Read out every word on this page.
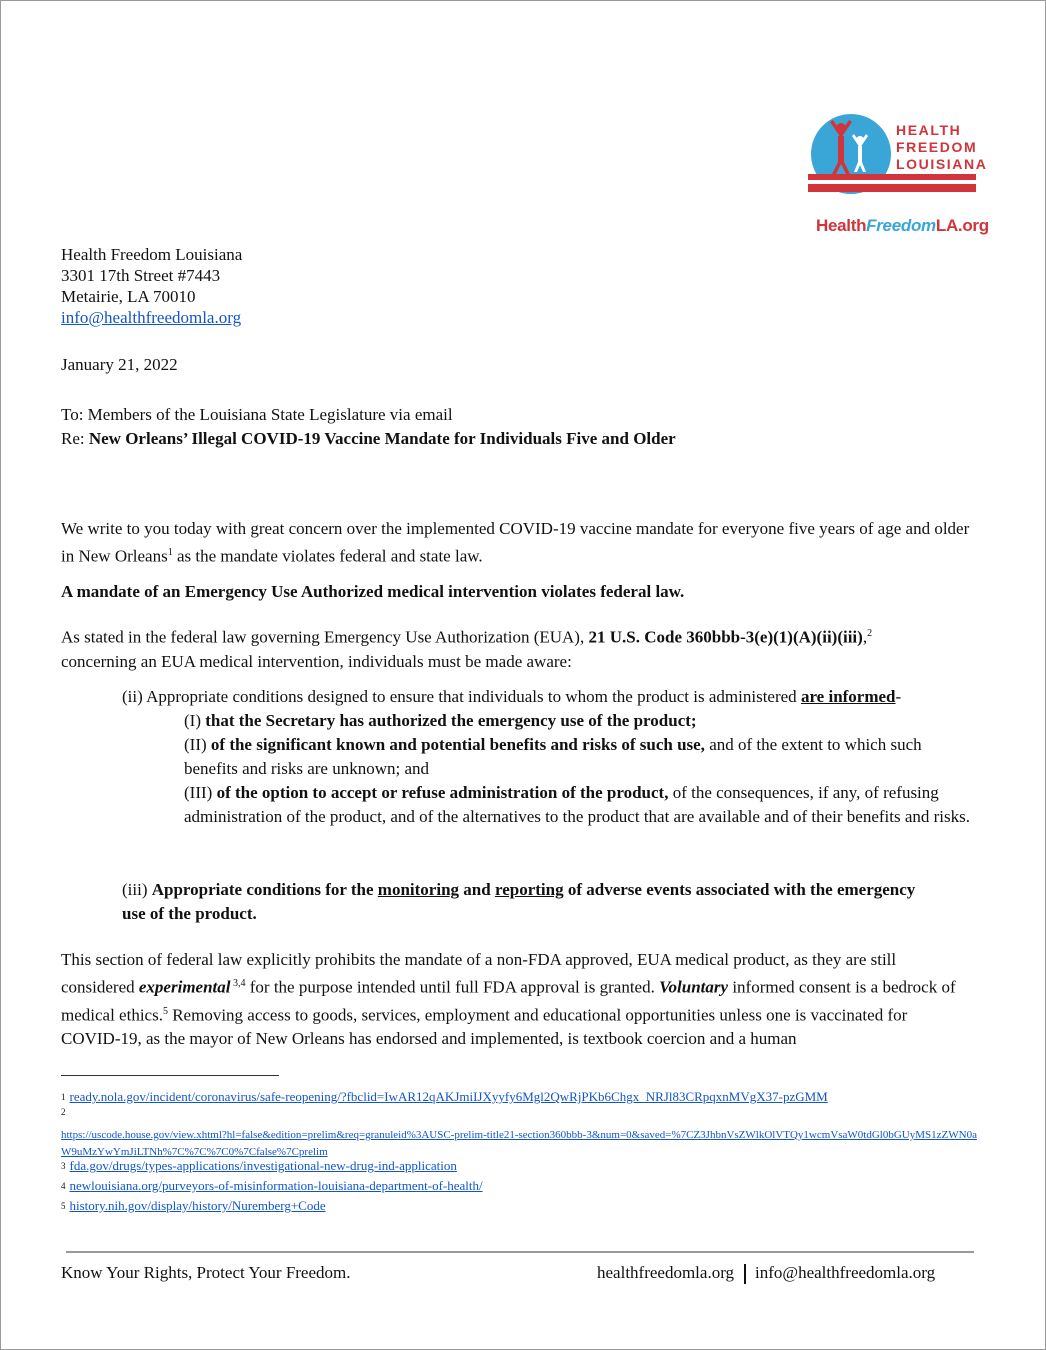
HEALTH
FREEDOM
LOUISIANA
HealthFreedomLA.org
Health Freedom Louisiana
3301 17th Street #7443
Metairie, LA 70010
info@healthfreedomla.org
January 21, 2022
To: Members of the Louisiana State Legislature via email
Re: New Orleans’ Illegal COVID-19 Vaccine Mandate for Individuals Five and Older
We write to you today with great concern over the implemented COVID-19 vaccine mandate for everyone five years of age and older in New Orleans$^1$ as the mandate violates federal and state law.
A mandate of an Emergency Use Authorized medical intervention violates federal law.
As stated in the federal law governing Emergency Use Authorization (EUA), 21 U.S. Code 360bbb-3(e)(1)(A)(ii)(iii),$^2$
concerning an EUA medical intervention, individuals must be made aware:
(ii) Appropriate conditions designed to ensure that individuals to whom the product is administered are informed-
(I) that the Secretary has authorized the emergency use of the product;
(II) of the significant known and potential benefits and risks of such use, and of the extent to which such benefits and risks are unknown; and
(III) of the option to accept or refuse administration of the product, of the consequences, if any, of refusing administration of the product, and of the alternatives to the product that are available and of their benefits and risks.
(iii) Appropriate conditions for the monitoring and reporting of adverse events associated with the emergency use of the product.
This section of federal law explicitly prohibits the mandate of a non-FDA approved, EUA medical product, as they are still considered experimental $^{3,4}$ for the purpose intended until full FDA approval is granted. Voluntary informed consent is a bedrock of medical ethics.$^5$ Removing access to goods, services, employment and educational opportunities unless one is vaccinated for COVID-19, as the mayor of New Orleans has endorsed and implemented, is textbook coercion and a human
$^1$ ready.nola.gov/incident/coronavirus/safe-reopening/?fbclid=IwAR12qAKJmiIJXyyfy6Mgl2QwRjPKb6Chgx_NRJl83CRpqxnMVgX37-pzGMM
$^2$
https://uscode.house.gov/view.xhtml?hl=false&edition=prelim&req=granuleid%3AUSC-prelim-title21-section360bbb-3&num=0&saved=%7CZ3JhbnVsZWlkOlVTQy1wcmVsaW0tdGl0bGUyMS1zZWN0aW9uMzYwYmJiLTNh%7C%7C%7C0%7Cfalse%7Cprelim
$^3$ fda.gov/drugs/types-applications/investigational-new-drug-ind-application
$^4$ newlouisiana.org/purveyors-of-misinformation-louisiana-department-of-health/
$^5$ history.nih.gov/display/history/Nuremberg+Code
Know Your Rights, Protect Your Freedom.	healthfreedomla.org info@healthfreedomla.org
